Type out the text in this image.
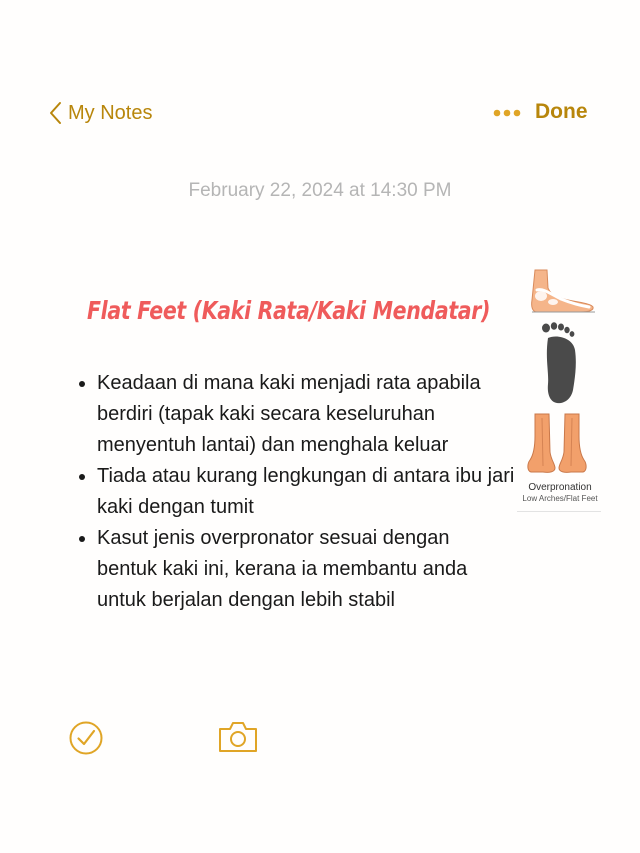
My Notes	Done
February 22, 2024 at 14:30 PM
Flat Feet (Kaki Rata/Kaki Mendatar)
Keadaan di mana kaki menjadi rata apabila berdiri (tapak kaki secara keseluruhan menyentuh lantai) dan menghala keluar
Tiada atau kurang lengkungan di antara ibu jari kaki dengan tumit
Kasut jenis overpronator sesuai dengan bentuk kaki ini, kerana ia membantu anda untuk berjalan dengan lebih stabil
Overpronation
Low Arches/Flat Feet
